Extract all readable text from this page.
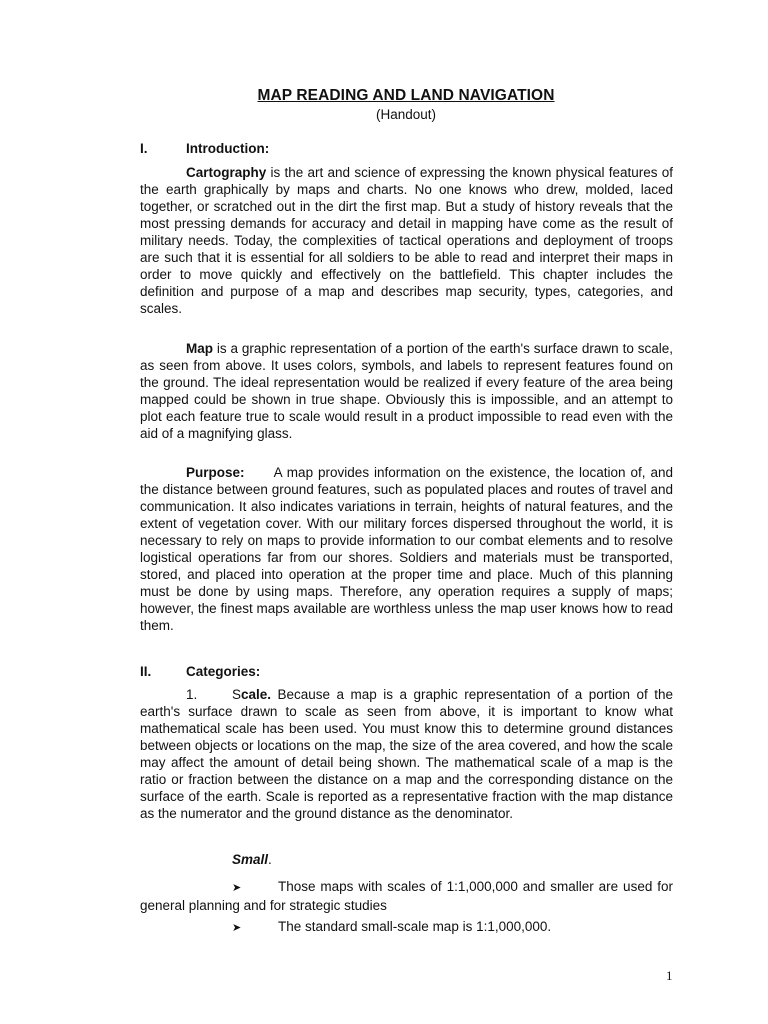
MAP READING AND LAND NAVIGATION
(Handout)
I.	Introduction:
Cartography is the art and science of expressing the known physical features of the earth graphically by maps and charts. No one knows who drew, molded, laced together, or scratched out in the dirt the first map. But a study of history reveals that the most pressing demands for accuracy and detail in mapping have come as the result of military needs. Today, the complexities of tactical operations and deployment of troops are such that it is essential for all soldiers to be able to read and interpret their maps in order to move quickly and effectively on the battlefield. This chapter includes the definition and purpose of a map and describes map security, types, categories, and scales.
Map is a graphic representation of a portion of the earth's surface drawn to scale, as seen from above. It uses colors, symbols, and labels to represent features found on the ground. The ideal representation would be realized if every feature of the area being mapped could be shown in true shape. Obviously this is impossible, and an attempt to plot each feature true to scale would result in a product impossible to read even with the aid of a magnifying glass.
Purpose:      A map provides information on the existence, the location of, and the distance between ground features, such as populated places and routes of travel and communication. It also indicates variations in terrain, heights of natural features, and the extent of vegetation cover. With our military forces dispersed throughout the world, it is necessary to rely on maps to provide information to our combat elements and to resolve logistical operations far from our shores. Soldiers and materials must be transported, stored, and placed into operation at the proper time and place. Much of this planning must be done by using maps. Therefore, any operation requires a supply of maps; however, the finest maps available are worthless unless the map user knows how to read them.
II.	Categories:
1.	Scale. Because a map is a graphic representation of a portion of the earth's surface drawn to scale as seen from above, it is important to know what mathematical scale has been used. You must know this to determine ground distances between objects or locations on the map, the size of the area covered, and how the scale may affect the amount of detail being shown. The mathematical scale of a map is the ratio or fraction between the distance on a map and the corresponding distance on the surface of the earth. Scale is reported as a representative fraction with the map distance as the numerator and the ground distance as the denominator.
Small.
➤	Those maps with scales of 1:1,000,000 and smaller are used for general planning and for strategic studies
➤	The standard small-scale map is 1:1,000,000.
1
